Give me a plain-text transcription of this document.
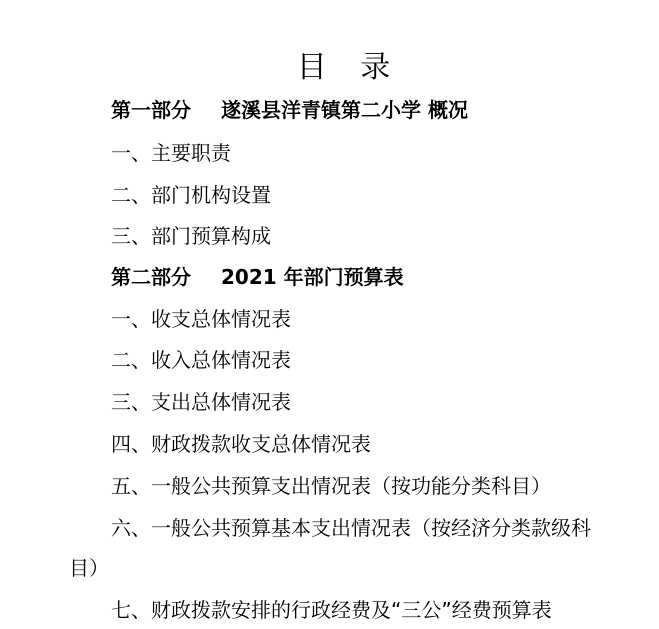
目 录
第一部分 遂溪县洋青镇第二小学 概况
一、主要职责
二、部门机构设置
三、部门预算构成
第二部分 2021 年部门预算表
一、收支总体情况表
二、收入总体情况表
三、支出总体情况表
四、财政拨款收支总体情况表
五、一般公共预算支出情况表（按功能分类科目）
六、一般公共预算基本支出情况表（按经济分类款级科
目）
七、财政拨款安排的行政经费及“三公”经费预算表
